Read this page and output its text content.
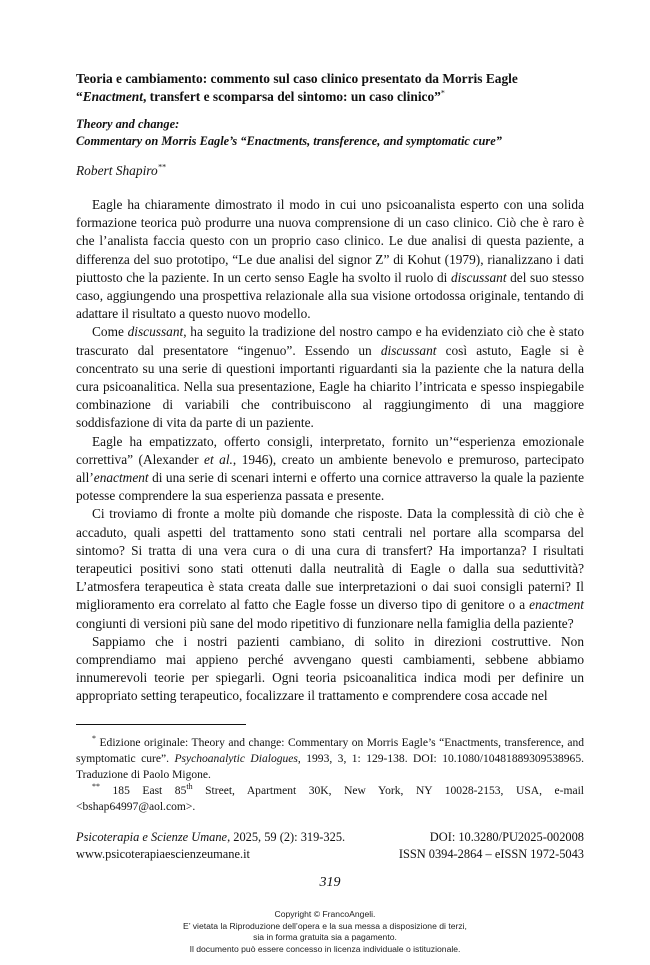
Teoria e cambiamento: commento sul caso clinico presentato da Morris Eagle
“Enactment, transfert e scomparsa del sintomo: un caso clinico”*
Theory and change:
Commentary on Morris Eagle’s “Enactments, transference, and symptomatic cure”
Robert Shapiro**

Eagle ha chiaramente dimostrato il modo in cui uno psicoanalista esperto con una solida formazione teorica può produrre una nuova comprensione di un caso clinico. Ciò che è raro è che l’analista faccia questo con un proprio caso clinico. Le due analisi di questa paziente, a differenza del suo prototipo, “Le due analisi del signor Z” di Kohut (1979), rianalizzano i dati piuttosto che la paziente. In un certo senso Eagle ha svolto il ruolo di discussant del suo stesso caso, aggiungendo una prospettiva relazionale alla sua visione ortodossa originale, tentando di adattare il risultato a questo nuovo modello.

Come discussant, ha seguito la tradizione del nostro campo e ha evidenziato ciò che è stato trascurato dal presentatore “ingenuo”. Essendo un discussant così astuto, Eagle si è concentrato su una serie di questioni importanti riguardanti sia la paziente che la natura della cura psicoanalitica. Nella sua presentazione, Eagle ha chiarito l’intricata e spesso inspiegabile combinazione di variabili che contribuiscono al raggiungimento di una maggiore soddisfazione di vita da parte di un paziente.

Eagle ha empatizzato, offerto consigli, interpretato, fornito un’“esperienza emozionale correttiva” (Alexander et al., 1946), creato un ambiente benevolo e premuroso, partecipato all’enactment di una serie di scenari interni e offerto una cornice attraverso la quale la paziente potesse comprendere la sua esperienza passata e presente.

Ci troviamo di fronte a molte più domande che risposte. Data la complessità di ciò che è accaduto, quali aspetti del trattamento sono stati centrali nel portare alla scomparsa del sintomo? Si tratta di una vera cura o di una cura di transfert? Ha importanza? I risultati terapeutici positivi sono stati ottenuti dalla neutralità di Eagle o dalla sua seduttività? L’atmosfera terapeutica è stata creata dalle sue interpretazioni o dai suoi consigli paterni? Il miglioramento era correlato al fatto che Eagle fosse un diverso tipo di genitore o a enactment congiunti di versioni più sane del modo ripetitivo di funzionare nella famiglia della paziente?

Sappiamo che i nostri pazienti cambiano, di solito in direzioni costruttive. Non comprendiamo mai appieno perché avvengano questi cambiamenti, sebbene abbiamo innumerevoli teorie per spiegarli. Ogni teoria psicoanalitica indica modi per definire un appropriato setting terapeutico, focalizzare il trattamento e comprendere cosa accade nel

* Edizione originale: Theory and change: Commentary on Morris Eagle’s “Enactments, transference, and symptomatic cure”. Psychoanalytic Dialogues, 1993, 3, 1: 129-138. DOI: 10.1080/10481889309538965. Traduzione di Paolo Migone.

** 185 East 85th Street, Apartment 30K, New York, NY 10028-2153, USA, e-mail <bshap64997@aol.com>.

Psicoterapia e Scienze Umane, 2025, 59 (2): 319-325.	DOI: 10.3280/PU2025-002008
www.psicoterapiaescienzeumane.it	ISSN 0394-2864 – eISSN 1972-5043
319
Copyright © FrancoAngeli.
E’ vietata la Riproduzione dell’opera e la sua messa a disposizione di terzi,
sia in forma gratuita sia a pagamento.
Il documento può essere concesso in licenza individuale o istituzionale.
